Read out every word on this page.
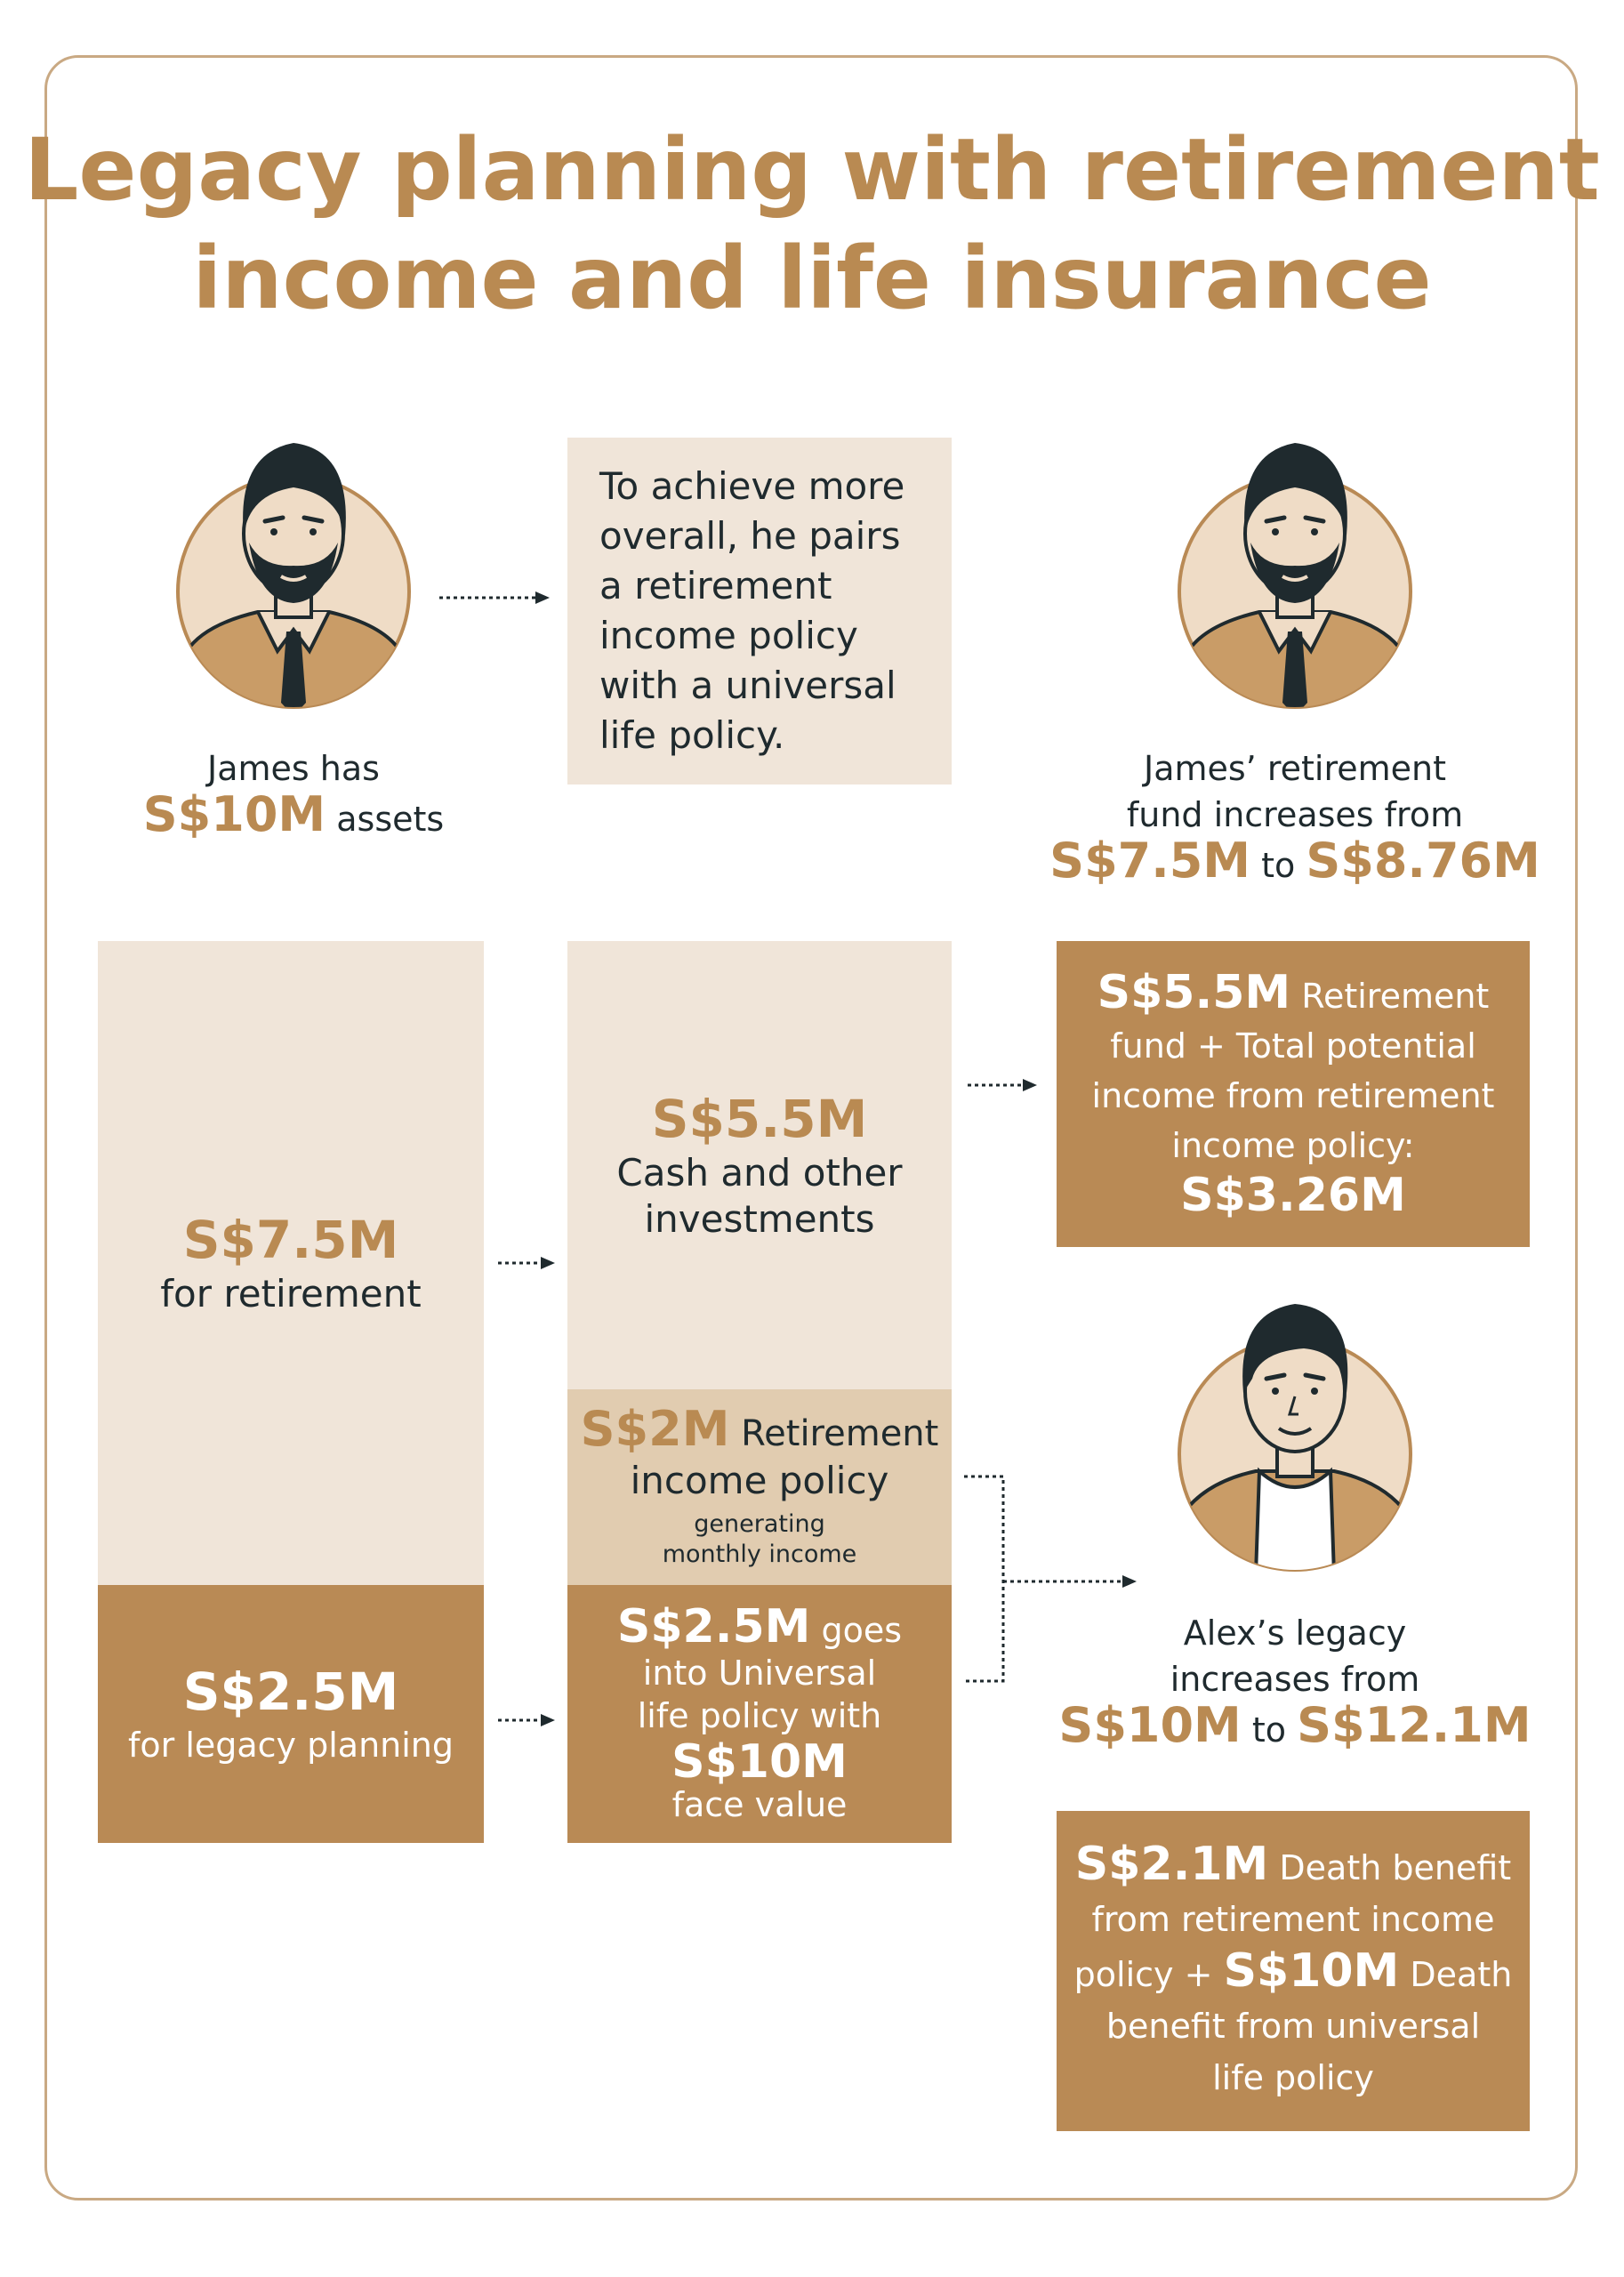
Legacy planning with retirement
income and life insurance
James has
S$10M assets
To achieve more
overall, he pairs
a retirement
income policy
with a universal
life policy.
James’ retirement
fund increases from
S$7.5M to S$8.76M
S$7.5M
for retirement
S$2.5M
for legacy planning
S$5.5M
Cash and other
investments
S$2M Retirement
income policy
generating
monthly income
S$2.5M goes
into Universal
life policy with
S$10M
face value
S$5.5M Retirement
fund + Total potential
income from retirement
income policy:
S$3.26M
Alex’s legacy
increases from
S$10M to S$12.1M
S$2.1M Death benefit
from retirement income
policy + S$10M Death
benefit from universal
life policy
